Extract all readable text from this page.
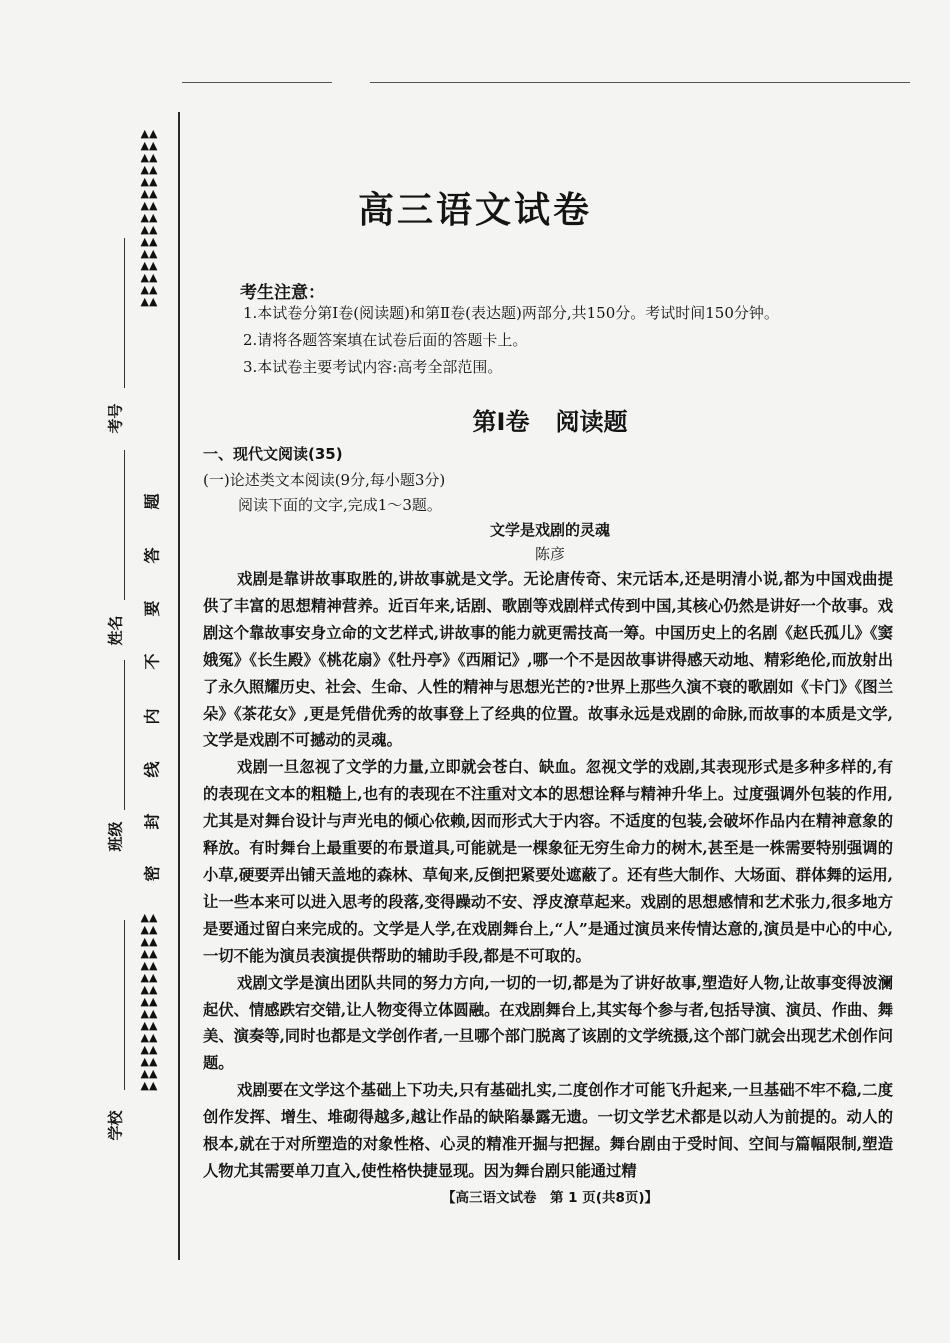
▲▲▲▲▲▲▲▲▲▲▲▲▲▲▲▲▲▲▲▲▲▲▲▲▲▲▲▲▲▲
▲▲▲▲▲▲▲▲▲▲▲▲▲▲▲▲▲▲▲▲▲▲▲▲▲▲▲▲▲▲
密
封
线
内
不
要
答
题
考号
姓名
班级
学校
高三语文试卷
考生注意：
1.本试卷分第Ⅰ卷(阅读题)和第Ⅱ卷(表达题)两部分,共150分。考试时间150分钟。
2.请将各题答案填在试卷后面的答题卡上。
3.本试卷主要考试内容:高考全部范围。
第Ⅰ卷 阅读题
一、现代文阅读(35)
(一)论述类文本阅读(9分,每小题3分)
阅读下面的文字,完成1～3题。
文学是戏剧的灵魂
陈彦

戏剧是靠讲故事取胜的,讲故事就是文学。无论唐传奇、宋元话本,还是明清小说,都为中国戏曲提供了丰富的思想精神营养。近百年来,话剧、歌剧等戏剧样式传到中国,其核心仍然是讲好一个故事。戏剧这个靠故事安身立命的文艺样式,讲故事的能力就更需技高一筹。中国历史上的名剧《赵氏孤儿》《窦娥冤》《长生殿》《桃花扇》《牡丹亭》《西厢记》,哪一个不是因故事讲得感天动地、精彩绝伦,而放射出了永久照耀历史、社会、生命、人性的精神与思想光芒的?世界上那些久演不衰的歌剧如《卡门》《图兰朵》《茶花女》,更是凭借优秀的故事登上了经典的位置。故事永远是戏剧的命脉,而故事的本质是文学,文学是戏剧不可撼动的灵魂。

戏剧一旦忽视了文学的力量,立即就会苍白、缺血。忽视文学的戏剧,其表现形式是多种多样的,有的表现在文本的粗糙上,也有的表现在不注重对文本的思想诠释与精神升华上。过度强调外包装的作用,尤其是对舞台设计与声光电的倾心依赖,因而形式大于内容。不适度的包装,会破坏作品内在精神意象的释放。有时舞台上最重要的布景道具,可能就是一棵象征无穷生命力的树木,甚至是一株需要特别强调的小草,硬要弄出铺天盖地的森林、草甸来,反倒把紧要处遮蔽了。还有些大制作、大场面、群体舞的运用,让一些本来可以进入思考的段落,变得躁动不安、浮皮潦草起来。戏剧的思想感情和艺术张力,很多地方是要通过留白来完成的。文学是人学,在戏剧舞台上,“人”是通过演员来传情达意的,演员是中心的中心,一切不能为演员表演提供帮助的辅助手段,都是不可取的。

戏剧文学是演出团队共同的努力方向,一切的一切,都是为了讲好故事,塑造好人物,让故事变得波澜起伏、情感跌宕交错,让人物变得立体圆融。在戏剧舞台上,其实每个参与者,包括导演、演员、作曲、舞美、演奏等,同时也都是文学创作者,一旦哪个部门脱离了该剧的文学统摄,这个部门就会出现艺术创作问题。

戏剧要在文学这个基础上下功夫,只有基础扎实,二度创作才可能飞升起来,一旦基础不牢不稳,二度创作发挥、增生、堆砌得越多,越让作品的缺陷暴露无遗。一切文学艺术都是以动人为前提的。动人的根本,就在于对所塑造的对象性格、心灵的精准开掘与把握。舞台剧由于受时间、空间与篇幅限制,塑造人物尤其需要单刀直入,使性格快捷显现。因为舞台剧只能通过精

【高三语文试卷　第 1 页(共8页)】
